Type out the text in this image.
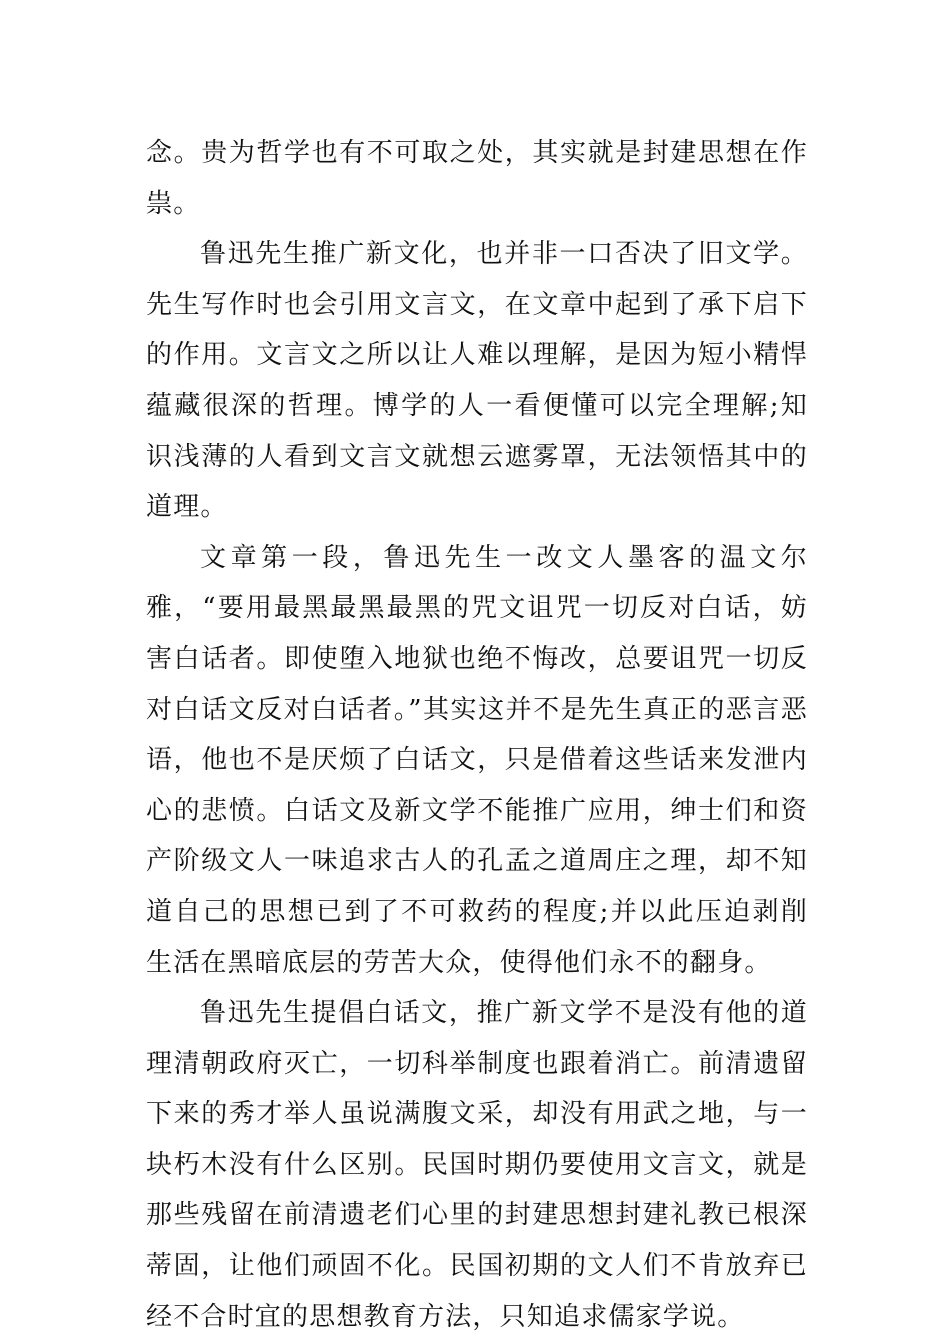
念。贵为哲学也有不可取之处，其实就是封建思想在作祟。

鲁迅先生推广新文化，也并非一口否决了旧文学。先生写作时也会引用文言文，在文章中起到了承下启下的作用。文言文之所以让人难以理解，是因为短小精悍蕴藏很深的哲理。博学的人一看便懂可以完全理解;知识浅薄的人看到文言文就想云遮雾罩，无法领悟其中的道理。

文章第一段，鲁迅先生一改文人墨客的温文尔雅，“要用最黑最黑最黑的咒文诅咒一切反对白话，妨害白话者。即使堕入地狱也绝不悔改，总要诅咒一切反对白话文反对白话者。”其实这并不是先生真正的恶言恶语，他也不是厌烦了白话文，只是借着这些话来发泄内心的悲愤。白话文及新文学不能推广应用，绅士们和资产阶级文人一味追求古人的孔孟之道周庄之理，却不知道自己的思想已到了不可救药的程度;并以此压迫剥削生活在黑暗底层的劳苦大众，使得他们永不的翻身。

鲁迅先生提倡白话文，推广新文学不是没有他的道理清朝政府灭亡，一切科举制度也跟着消亡。前清遗留下来的秀才举人虽说满腹文采，却没有用武之地，与一块朽木没有什么区别。民国时期仍要使用文言文，就是那些残留在前清遗老们心里的封建思想封建礼教已根深蒂固，让他们顽固不化。民国初期的文人们不肯放弃已经不合时宜的思想教育方法，只知追求儒家学说。
